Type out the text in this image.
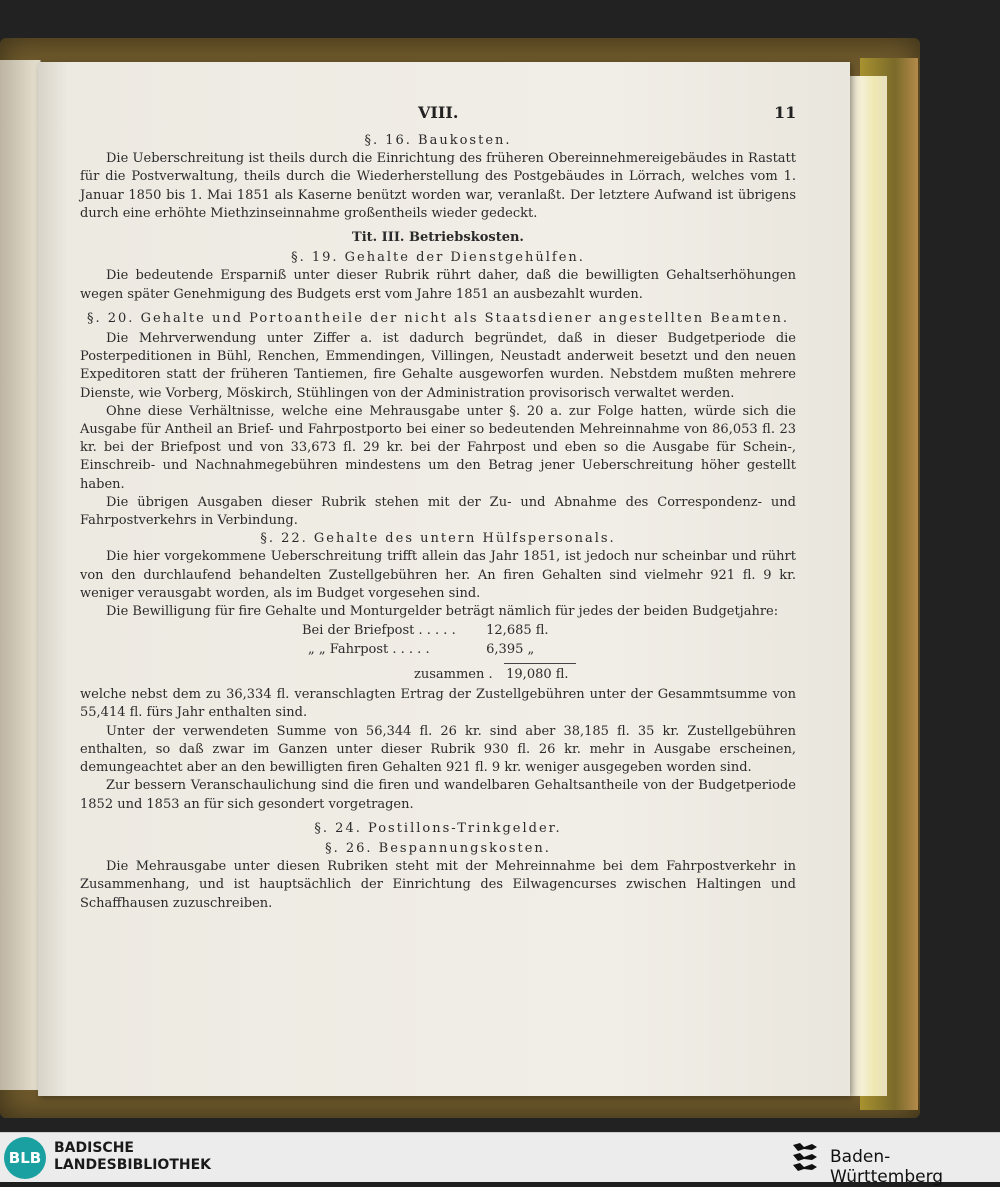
VIII.	11

§. 16. Baukosten.

Die Ueberschreitung ist theils durch die Einrichtung des früheren Obereinnehmereigebäudes in Rastatt für die Postverwaltung, theils durch die Wiederherstellung des Postgebäudes in Lörrach, welches vom 1. Januar 1850 bis 1. Mai 1851 als Kaserne benützt worden war, veranlaßt. Der letztere Aufwand ist übrigens durch eine erhöhte Miethzinseinnahme großentheils wieder gedeckt.

Tit. III. Betriebskosten.

§. 19. Gehalte der Dienstgehülfen.

Die bedeutende Ersparniß unter dieser Rubrik rührt daher, daß die bewilligten Gehaltserhöhungen wegen später Genehmigung des Budgets erst vom Jahre 1851 an ausbezahlt wurden.

§. 20. Gehalte und Portoantheile der nicht als Staatsdiener angestellten Beamten.

Die Mehrverwendung unter Ziffer a. ist dadurch begründet, daß in dieser Budgetperiode die Posterpeditionen in Bühl, Renchen, Emmendingen, Villingen, Neustadt anderweit besetzt und den neuen Expeditoren statt der früheren Tantiemen, fire Gehalte ausgeworfen wurden. Nebstdem mußten mehrere Dienste, wie Vorberg, Möskirch, Stühlingen von der Administration provisorisch verwaltet werden.

Ohne diese Verhältnisse, welche eine Mehrausgabe unter §. 20 a. zur Folge hatten, würde sich die Ausgabe für Antheil an Brief- und Fahrpostporto bei einer so bedeutenden Mehreinnahme von 86,053 fl. 23 kr. bei der Briefpost und von 33,673 fl. 29 kr. bei der Fahrpost und eben so die Ausgabe für Schein-, Einschreib- und Nachnahmegebühren mindestens um den Betrag jener Ueberschreitung höher gestellt haben.

Die übrigen Ausgaben dieser Rubrik stehen mit der Zu- und Abnahme des Correspondenz- und Fahrpostverkehrs in Verbindung.

§. 22. Gehalte des untern Hülfspersonals.

Die hier vorgekommene Ueberschreitung trifft allein das Jahr 1851, ist jedoch nur scheinbar und rührt von den durchlaufend behandelten Zustellgebühren her. An firen Gehalten sind vielmehr 921 fl. 9 kr. weniger verausgabt worden, als im Budget vorgesehen sind.

Die Bewilligung für fire Gehalte und Monturgelder beträgt nämlich für jedes der beiden Budgetjahre:

Bei der Briefpost . . . . . 12,685 fl.
„ „ Fahrpost . . . . .	6,395 „
zusammen . 19,080 fl.

welche nebst dem zu 36,334 fl. veranschlagten Ertrag der Zustellgebühren unter der Gesammtsumme von 55,414 fl. fürs Jahr enthalten sind.

Unter der verwendeten Summe von 56,344 fl. 26 kr. sind aber 38,185 fl. 35 kr. Zustellgebühren enthalten, so daß zwar im Ganzen unter dieser Rubrik 930 fl. 26 kr. mehr in Ausgabe erscheinen, demungeachtet aber an den bewilligten firen Gehalten 921 fl. 9 kr. weniger ausgegeben worden sind.

Zur bessern Veranschaulichung sind die firen und wandelbaren Gehaltsantheile von der Budgetperiode 1852 und 1853 an für sich gesondert vorgetragen.

§. 24. Postillons-Trinkgelder.

§. 26. Bespannungskosten.

Die Mehrausgabe unter diesen Rubriken steht mit der Mehreinnahme bei dem Fahrpostverkehr in Zusammenhang, und ist hauptsächlich der Einrichtung des Eilwagencurses zwischen Haltingen und Schaffhausen zuzuschreiben.

BLB
BADISCHE
LANDESBIBLIOTHEK	Baden-Württemberg
